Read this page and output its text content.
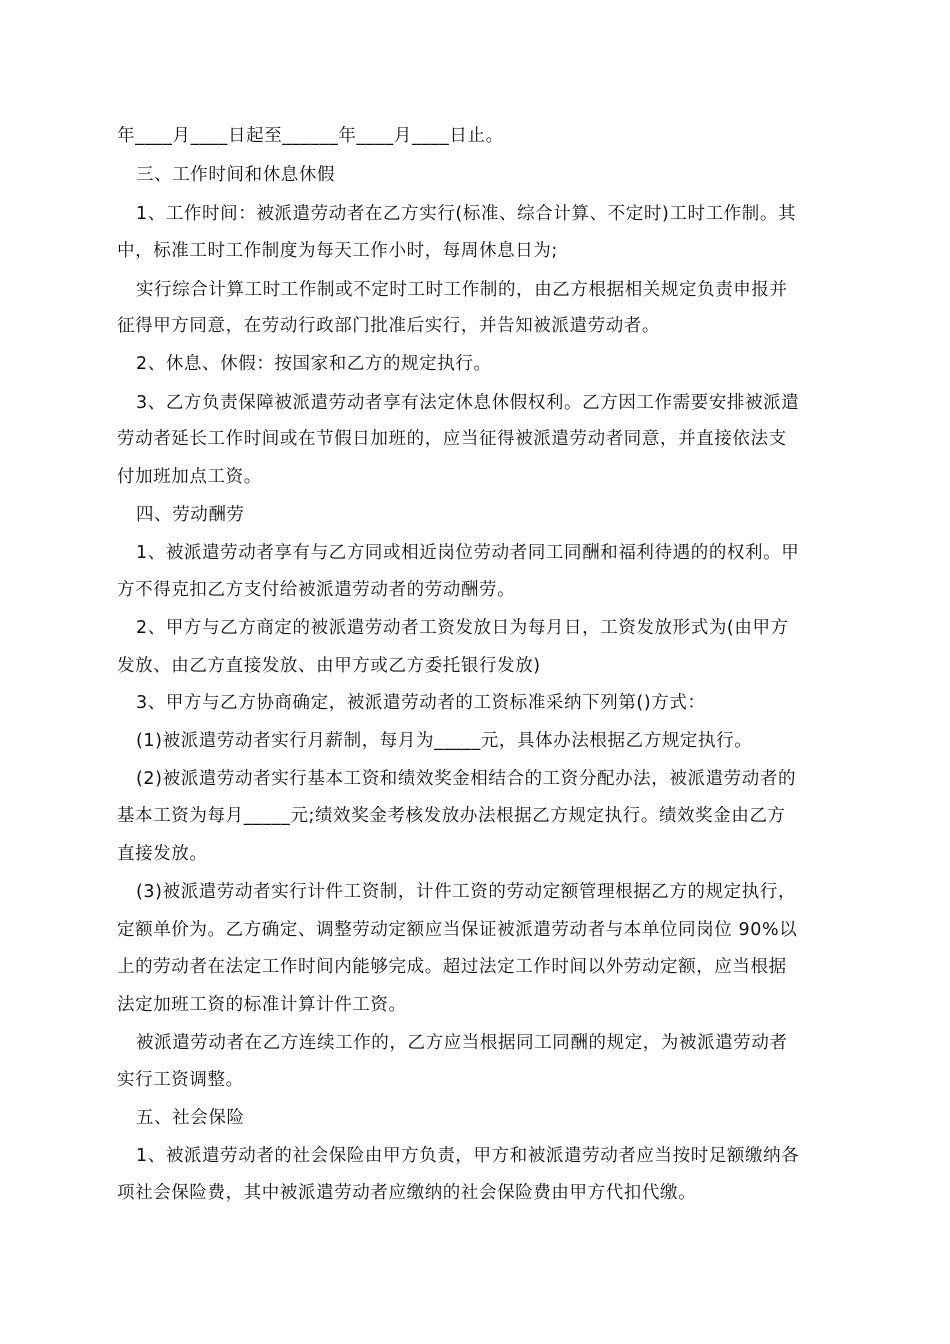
年____月____日起至______年____月____日止。
三、工作时间和休息休假
1、工作时间：被派遣劳动者在乙方实行(标准、综合计算、不定时)工时工作制。其
中，标准工时工作制度为每天工作小时，每周休息日为;
实行综合计算工时工作制或不定时工时工作制的，由乙方根据相关规定负责申报并
征得甲方同意，在劳动行政部门批准后实行，并告知被派遣劳动者。
2、休息、休假：按国家和乙方的规定执行。
3、乙方负责保障被派遣劳动者享有法定休息休假权利。乙方因工作需要安排被派遣
劳动者延长工作时间或在节假日加班的，应当征得被派遣劳动者同意，并直接依法支
付加班加点工资。
四、劳动酬劳
1、被派遣劳动者享有与乙方同或相近岗位劳动者同工同酬和福利待遇的的权利。甲
方不得克扣乙方支付给被派遣劳动者的劳动酬劳。
2、甲方与乙方商定的被派遣劳动者工资发放日为每月日，工资发放形式为(由甲方
发放、由乙方直接发放、由甲方或乙方委托银行发放)
3、甲方与乙方协商确定，被派遣劳动者的工资标准采纳下列第()方式：
(1)被派遣劳动者实行月薪制，每月为_____元，具体办法根据乙方规定执行。
(2)被派遣劳动者实行基本工资和绩效奖金相结合的工资分配办法，被派遣劳动者的
基本工资为每月_____元;绩效奖金考核发放办法根据乙方规定执行。绩效奖金由乙方
直接发放。
(3)被派遣劳动者实行计件工资制，计件工资的劳动定额管理根据乙方的规定执行，
定额单价为。乙方确定、调整劳动定额应当保证被派遣劳动者与本单位同岗位 90%以
上的劳动者在法定工作时间内能够完成。超过法定工作时间以外劳动定额，应当根据
法定加班工资的标准计算计件工资。
被派遣劳动者在乙方连续工作的，乙方应当根据同工同酬的规定，为被派遣劳动者
实行工资调整。
五、社会保险
1、被派遣劳动者的社会保险由甲方负责，甲方和被派遣劳动者应当按时足额缴纳各
项社会保险费，其中被派遣劳动者应缴纳的社会保险费由甲方代扣代缴。
